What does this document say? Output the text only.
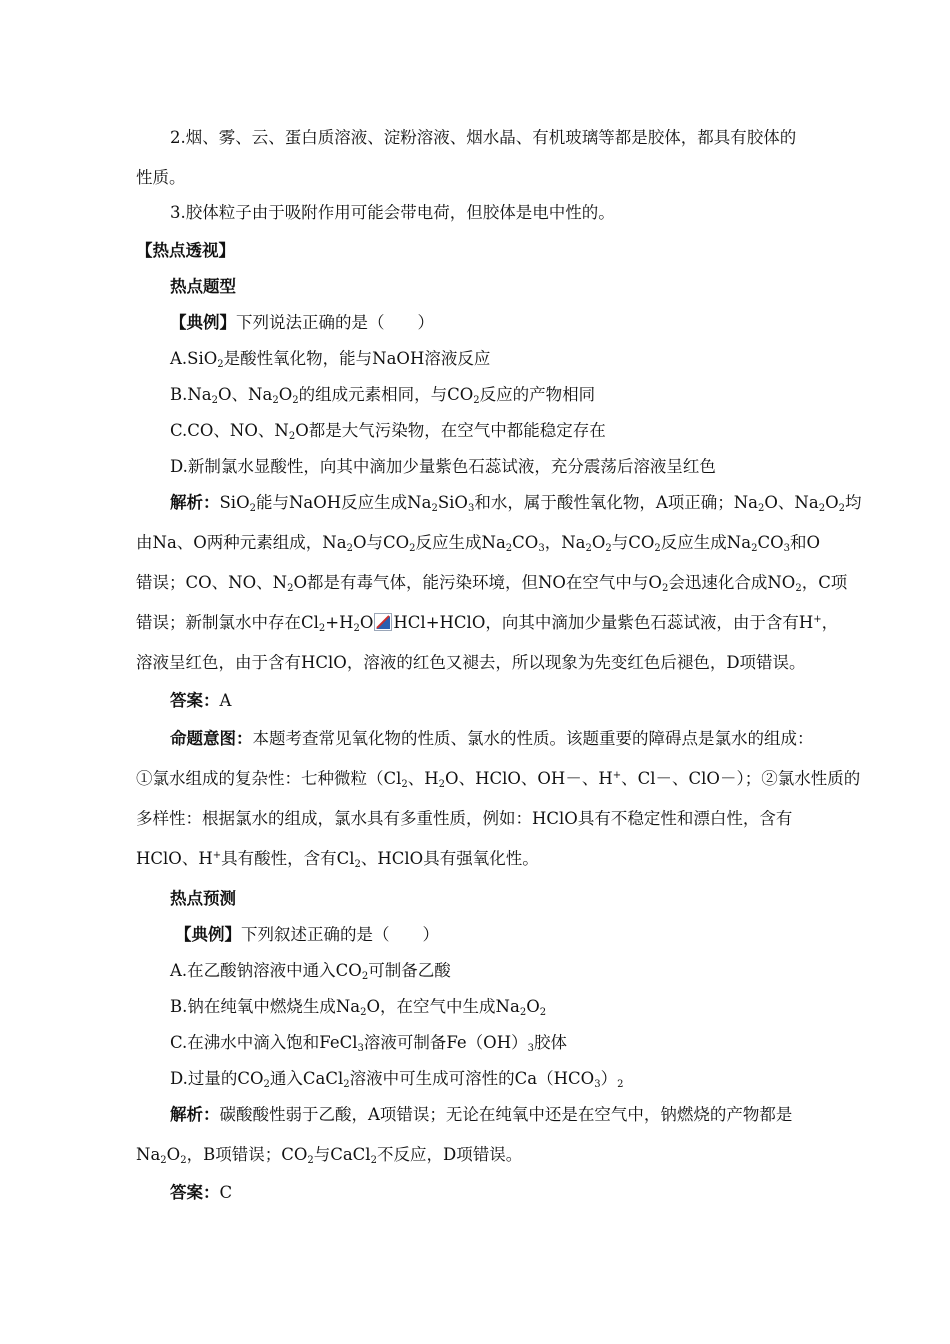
2.烟、雾、云、蛋白质溶液、淀粉溶液、烟水晶、有机玻璃等都是胶体，都具有胶体的
性质。
3.胶体粒子由于吸附作用可能会带电荷，但胶体是电中性的。
【热点透视】
热点题型
【典例】下列说法正确的是（　　）
A.SiO$_2$是酸性氧化物，能与NaOH溶液反应
$B.Na_2O$、$Na_2O_2$的组成元素相同，与$CO_2$反应的产物相同
C.CO、NO、$N_2O$都是大气污染物，在空气中都能稳定存在
D.新制氯水显酸性，向其中滴加少量紫色石蕊试液，充分震荡后溶液呈红色
解析：SiO$_2$能与NaOH反应生成$Na_2SiO_3$和水，属于酸性氧化物，A项正确；$Na_2O$、$Na_2O_2$均
由Na、O两种元素组成，$Na_2O$与$CO_2$反应生成$Na_2CO_3$，$Na_2O_2$与$CO_2$反应生成$Na_2CO_3$和O
错误；CO、NO、$N_2O$都是有毒气体，能污染环境，但NO在空气中与$O_2$会迅速化合成$NO_2$，C项
错误；新制氯水中存在$Cl_2+H_2O$ HCl+HClO，向其中滴加少量紫色石蕊试液，由于含有H+，
溶液呈红色，由于含有HClO，溶液的红色又褪去，所以现象为先变红色后褪色，D项错误。
答案：A
命题意图：本题考查常见氧化物的性质、氯水的性质。该题重要的障碍点是氯水的组成：
①氯水组成的复杂性：七种微粒（$Cl_2$、$H_2O$、HClO、OH－、H+、Cl－、ClO－）；②氯水性质的
多样性：根据氯水的组成，氯水具有多重性质，例如：HClO具有不稳定性和漂白性，含有
HClO、H+具有酸性，含有$Cl_2$、HClO具有强氧化性。
热点预测
【典例】下列叙述正确的是（　　）
A.在乙酸钠溶液中通入$CO_2$可制备乙酸
B.钠在纯氧中燃烧生成$Na_2O$，在空气中生成$Na_2O_2$
C.在沸水中滴入饱和FeCl$_3$溶液可制备$Fe(OH)_3$胶体
D.过量的$CO_2$通入CaCl$_2$溶液中可生成可溶性的$Ca(HCO_3)_2$
解析：碳酸酸性弱于乙酸，A项错误；无论在纯氧中还是在空气中，钠燃烧的产物都是
$Na_2O_2$，B项错误；$CO_2$与CaCl$_2$不反应，D项错误。
答案：C
